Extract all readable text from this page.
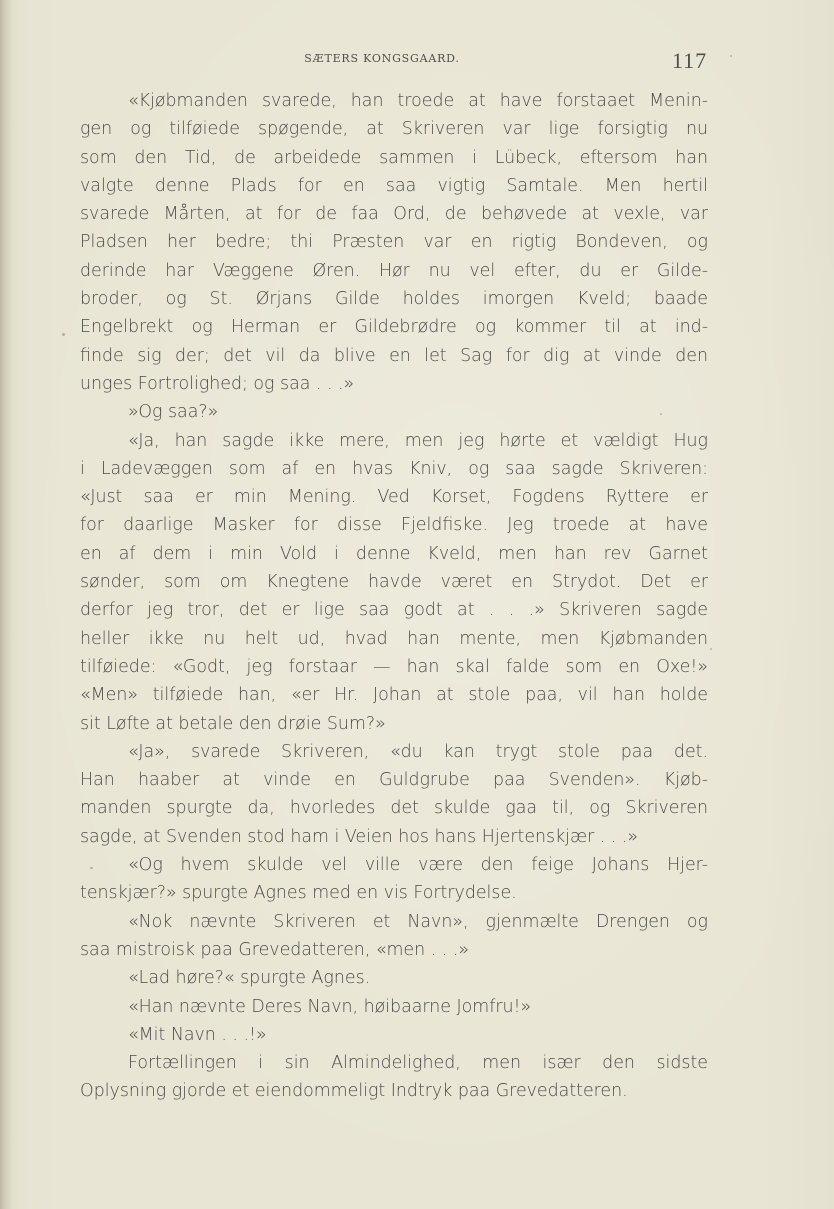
SÆTERS KONGSGAARD.	117
«Kjøbmanden svarede, han troede at have forstaaet Menin-
gen og tilføiede spøgende, at Skriveren var lige forsigtig nu
som den Tid, de arbeidede sammen i Lübeck, eftersom han
valgte denne Plads for en saa vigtig Samtale. Men hertil
svarede Mårten, at for de faa Ord, de behøvede at vexle, var
Pladsen her bedre; thi Præsten var en rigtig Bondeven, og
derinde har Væggene Øren. Hør nu vel efter, du er Gilde-
broder, og St. Ørjans Gilde holdes imorgen Kveld; baade
Engelbrekt og Herman er Gildebrødre og kommer til at ind-
finde sig der; det vil da blive en let Sag for dig at vinde den
unges Fortrolighed; og saa . . .»
»Og saa?»
«Ja, han sagde ikke mere, men jeg hørte et vældigt Hug
i Ladevæggen som af en hvas Kniv, og saa sagde Skriveren:
«Just saa er min Mening. Ved Korset, Fogdens Ryttere er
for daarlige Masker for disse Fjeldfiske. Jeg troede at have
en af dem i min Vold i denne Kveld, men han rev Garnet
sønder, som om Knegtene havde været en Strydot. Det er
derfor jeg tror, det er lige saa godt at . . .» Skriveren sagde
heller ikke nu helt ud, hvad han mente, men Kjøbmanden
tilføiede: «Godt, jeg forstaar — han skal falde som en Oxe!»
«Men» tilføiede han, «er Hr. Johan at stole paa, vil han holde
sit Løfte at betale den drøie Sum?»
«Ja», svarede Skriveren, «du kan trygt stole paa det.
Han haaber at vinde en Guldgrube paa Svenden». Kjøb-
manden spurgte da, hvorledes det skulde gaa til, og Skriveren
sagde, at Svenden stod ham i Veien hos hans Hjertenskjær . . .»
«Og hvem skulde vel ville være den feige Johans Hjer-
tenskjær?» spurgte Agnes med en vis Fortrydelse.
«Nok nævnte Skriveren et Navn», gjenmælte Drengen og
saa mistroisk paa Grevedatteren, «men . . .»
«Lad høre?« spurgte Agnes.
«Han nævnte Deres Navn, høibaarne Jomfru!»
«Mit Navn . . .!»
Fortællingen i sin Almindelighed, men især den sidste
Oplysning gjorde et eiendommeligt Indtryk paa Grevedatteren.
